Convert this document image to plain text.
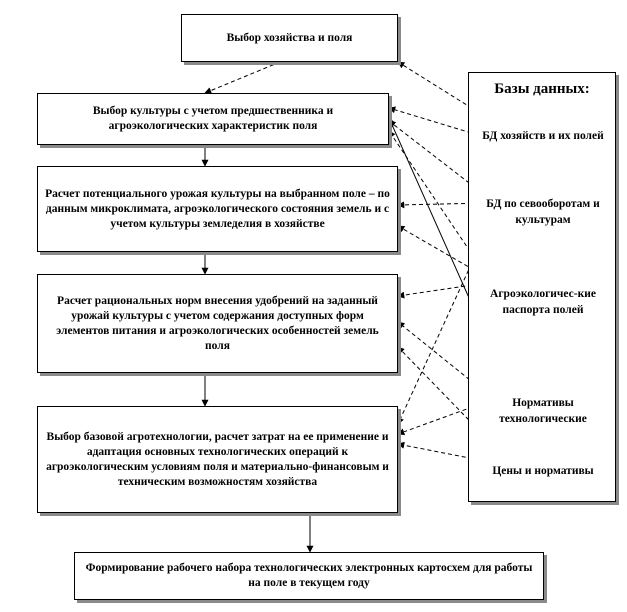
Выбор хозяйства и поля
Выбор культуры с учетом предшественника и агроэкологических характеристик поля
Расчет потенциального урожая культуры на выбранном поле – по данным микроклимата, агроэкологического состояния земель и с учетом культуры земледелия в хозяйстве
Расчет рациональных норм внесения удобрений на заданный урожай культуры с учетом содержания доступных форм элементов питания и агроэкологических особенностей земель поля
Выбор базовой агротехнологии, расчет затрат на ее применение и адаптация основных технологических операций к агроэкологическим условиям поля и материально-финансовым и техническим возможностям хозяйства
Формирование рабочего набора технологических электронных картосхем для работы на поле в текущем году
Базы данных:
БД хозяйств и их полей
БД по севооборотам и культурам
Агроэкологичес-кие паспорта полей
Нормативы технологические
Цены и нормативы
